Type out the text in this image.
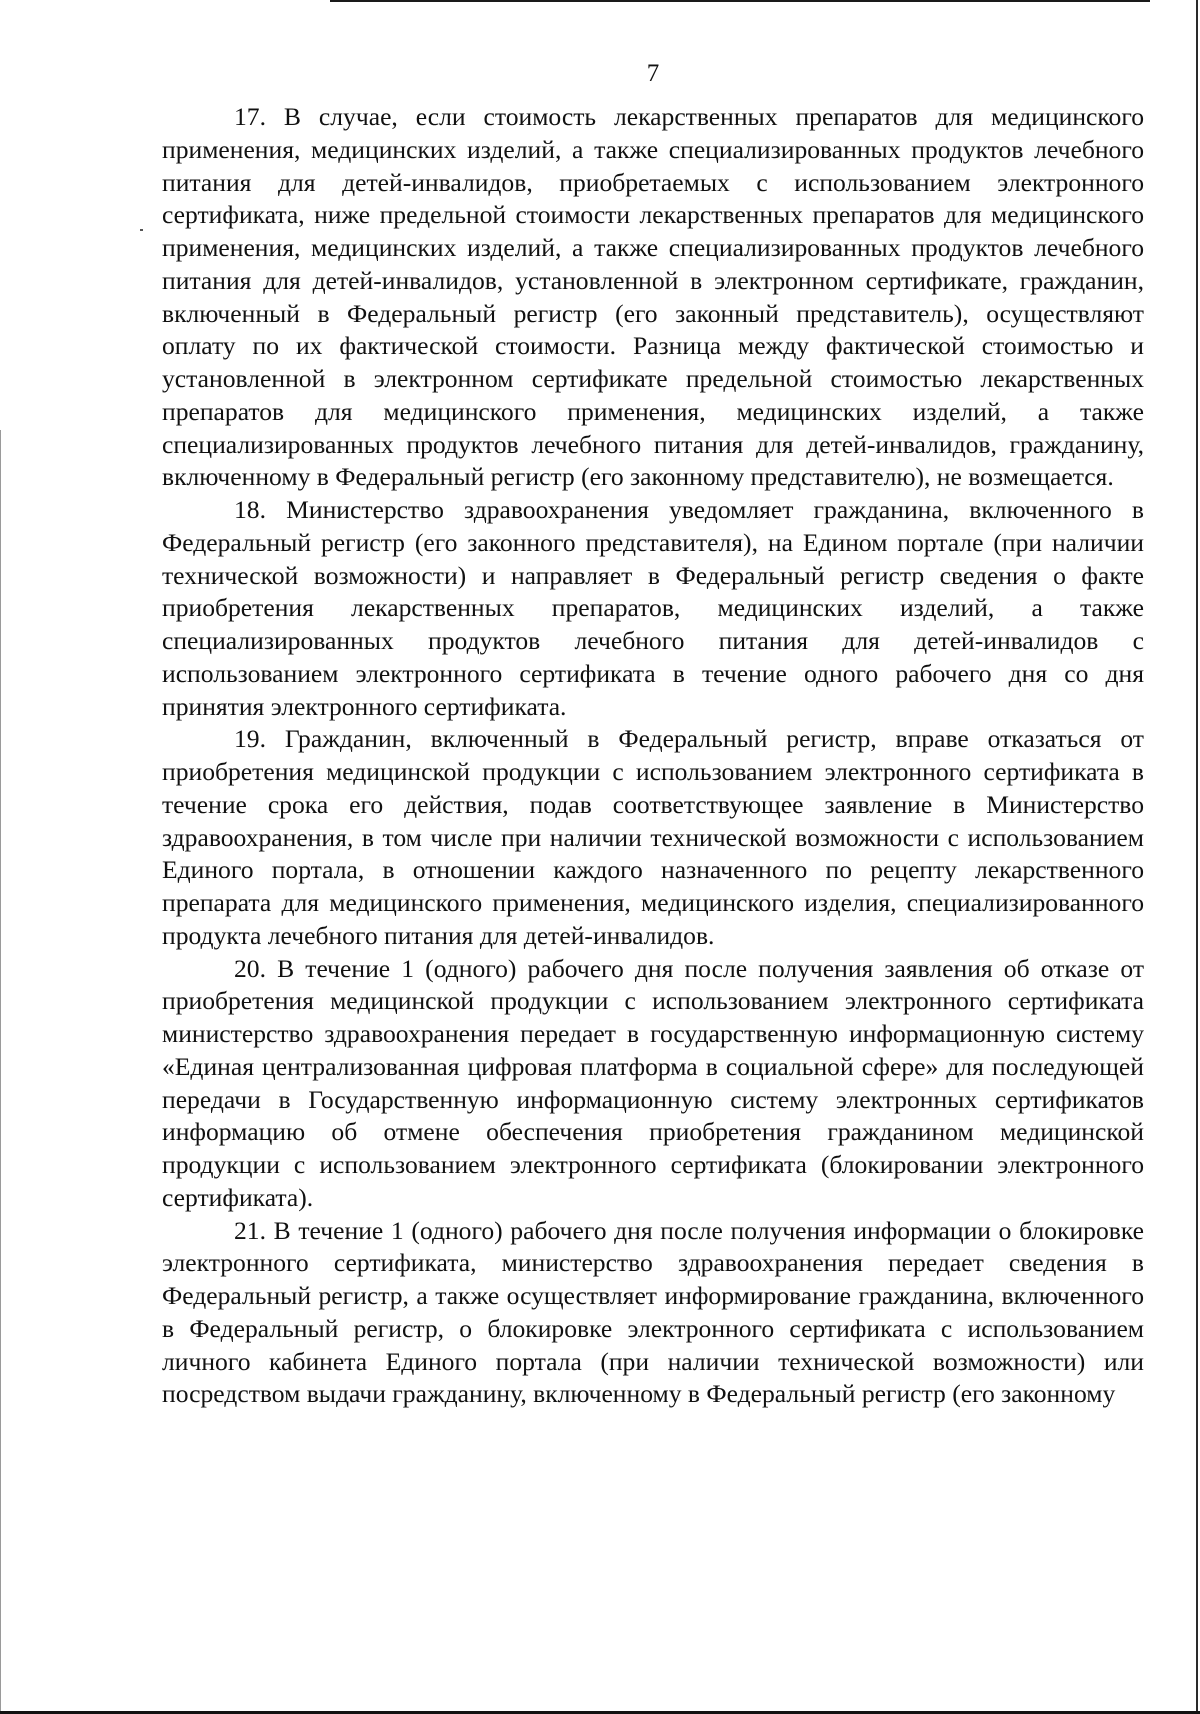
7

17. В случае, если стоимость лекарственных препаратов для медицинского применения, медицинских изделий, а также специализированных продуктов лечебного питания для детей-инвалидов, приобретаемых с использованием электронного сертификата, ниже предельной стоимости лекарственных препаратов для медицинского применения, медицинских изделий, а также специализированных продуктов лечебного питания для детей-инвалидов, установленной в электронном сертификате, гражданин, включенный в Федеральный регистр (его законный представитель), осуществляют оплату по их фактической стоимости. Разница между фактической стоимостью и установленной в электронном сертификате предельной стоимостью лекарственных препаратов для медицинского применения, медицинских изделий, а также специализированных продуктов лечебного питания для детей-инвалидов, гражданину, включенному в Федеральный регистр (его законному представителю), не возмещается.

18. Министерство здравоохранения уведомляет гражданина, включенного в Федеральный регистр (его законного представителя), на Едином портале (при наличии технической возможности) и направляет в Федеральный регистр сведения о факте приобретения лекарственных препаратов, медицинских изделий, а также специализированных продуктов лечебного питания для детей-инвалидов с использованием электронного сертификата в течение одного рабочего дня со дня принятия электронного сертификата.

19. Гражданин, включенный в Федеральный регистр, вправе отказаться от приобретения медицинской продукции с использованием электронного сертификата в течение срока его действия, подав соответствующее заявление в Министерство здравоохранения, в том числе при наличии технической возможности с использованием Единого портала, в отношении каждого назначенного по рецепту лекарственного препарата для медицинского применения, медицинского изделия, специализированного продукта лечебного питания для детей-инвалидов.

20. В течение 1 (одного) рабочего дня после получения заявления об отказе от приобретения медицинской продукции с использованием электронного сертификата министерство здравоохранения передает в государственную информационную систему «Единая централизованная цифровая платформа в социальной сфере» для последующей передачи в Государственную информационную систему электронных сертификатов информацию об отмене обеспечения приобретения гражданином медицинской продукции с использованием электронного сертификата (блокировании электронного сертификата).

21. В течение 1 (одного) рабочего дня после получения информации о блокировке электронного сертификата, министерство здравоохранения передает сведения в Федеральный регистр, а также осуществляет информирование гражданина, включенного в Федеральный регистр, о блокировке электронного сертификата с использованием личного кабинета Единого портала (при наличии технической возможности) или посредством выдачи гражданину, включенному в Федеральный регистр (его законному
